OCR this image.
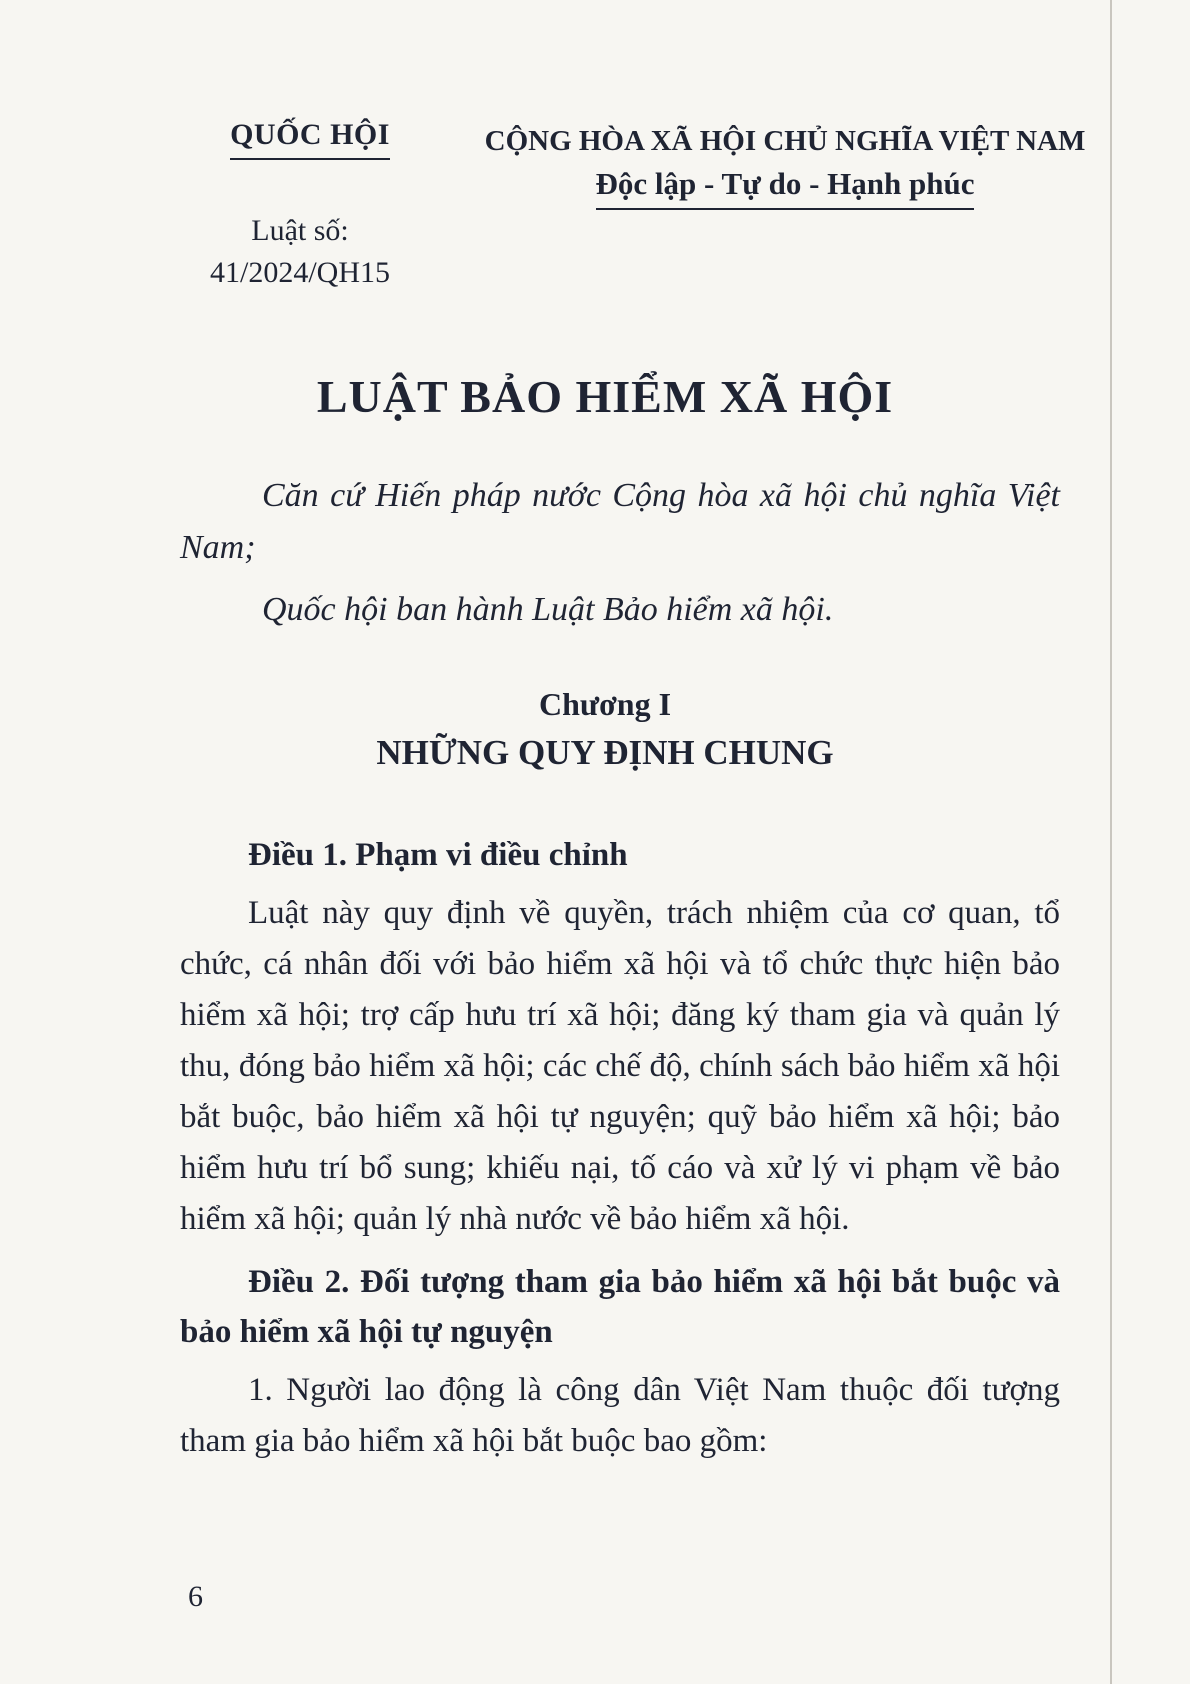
QUỐC HỘI
Luật số:
41/2024/QH15
CỘNG HÒA XÃ HỘI CHỦ NGHĨA VIỆT NAM
Độc lập - Tự do - Hạnh phúc
LUẬT BẢO HIỂM XÃ HỘI

Căn cứ Hiến pháp nước Cộng hòa xã hội chủ nghĩa Việt Nam;

Quốc hội ban hành Luật Bảo hiểm xã hội.

Chương I
NHỮNG QUY ĐỊNH CHUNG

Điều 1. Phạm vi điều chỉnh

Luật này quy định về quyền, trách nhiệm của cơ quan, tổ chức, cá nhân đối với bảo hiểm xã hội và tổ chức thực hiện bảo hiểm xã hội; trợ cấp hưu trí xã hội; đăng ký tham gia và quản lý thu, đóng bảo hiểm xã hội; các chế độ, chính sách bảo hiểm xã hội bắt buộc, bảo hiểm xã hội tự nguyện; quỹ bảo hiểm xã hội; bảo hiểm hưu trí bổ sung; khiếu nại, tố cáo và xử lý vi phạm về bảo hiểm xã hội; quản lý nhà nước về bảo hiểm xã hội.

Điều 2. Đối tượng tham gia bảo hiểm xã hội bắt buộc và bảo hiểm xã hội tự nguyện

1. Người lao động là công dân Việt Nam thuộc đối tượng tham gia bảo hiểm xã hội bắt buộc bao gồm:

6
